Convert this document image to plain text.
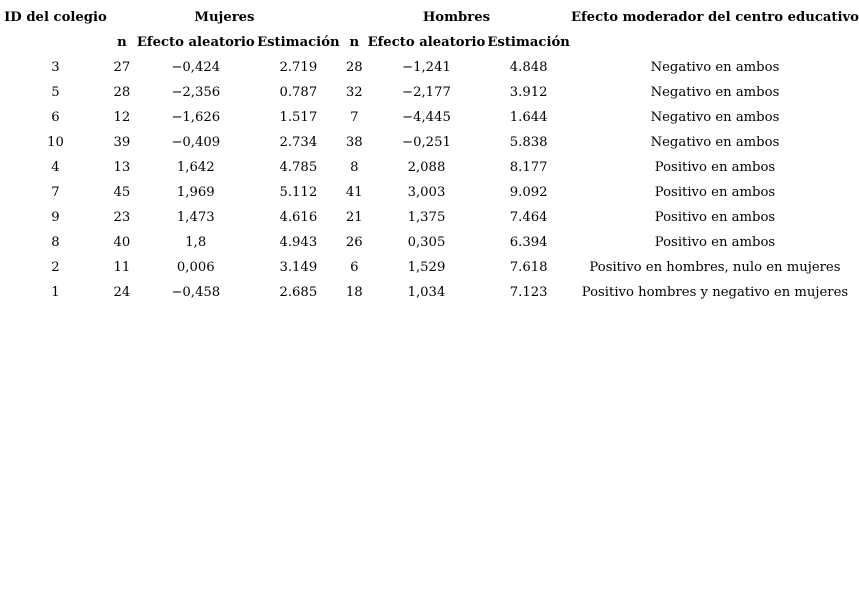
ID del colegio	Mujeres			Hombres			Efecto moderador del centro educativo
	n	Efecto aleatorio	Estimación	n	Efecto aleatorio	Estimación	
3	27	−0,424	2.719	28	−1,241	4.848	Negativo en ambos
5	28	−2,356	0.787	32	−2,177	3.912	Negativo en ambos
6	12	−1,626	1.517	7	−4,445	1.644	Negativo en ambos
10	39	−0,409	2.734	38	−0,251	5.838	Negativo en ambos
4	13	1,642	4.785	8	2,088	8.177	Positivo en ambos
7	45	1,969	5.112	41	3,003	9.092	Positivo en ambos
9	23	1,473	4.616	21	1,375	7.464	Positivo en ambos
8	40	1,8	4.943	26	0,305	6.394	Positivo en ambos
2	11	0,006	3.149	6	1,529	7.618	Positivo en hombres, nulo en mujeres
1	24	−0,458	2.685	18	1,034	7.123	Positivo hombres y negativo en mujeres
